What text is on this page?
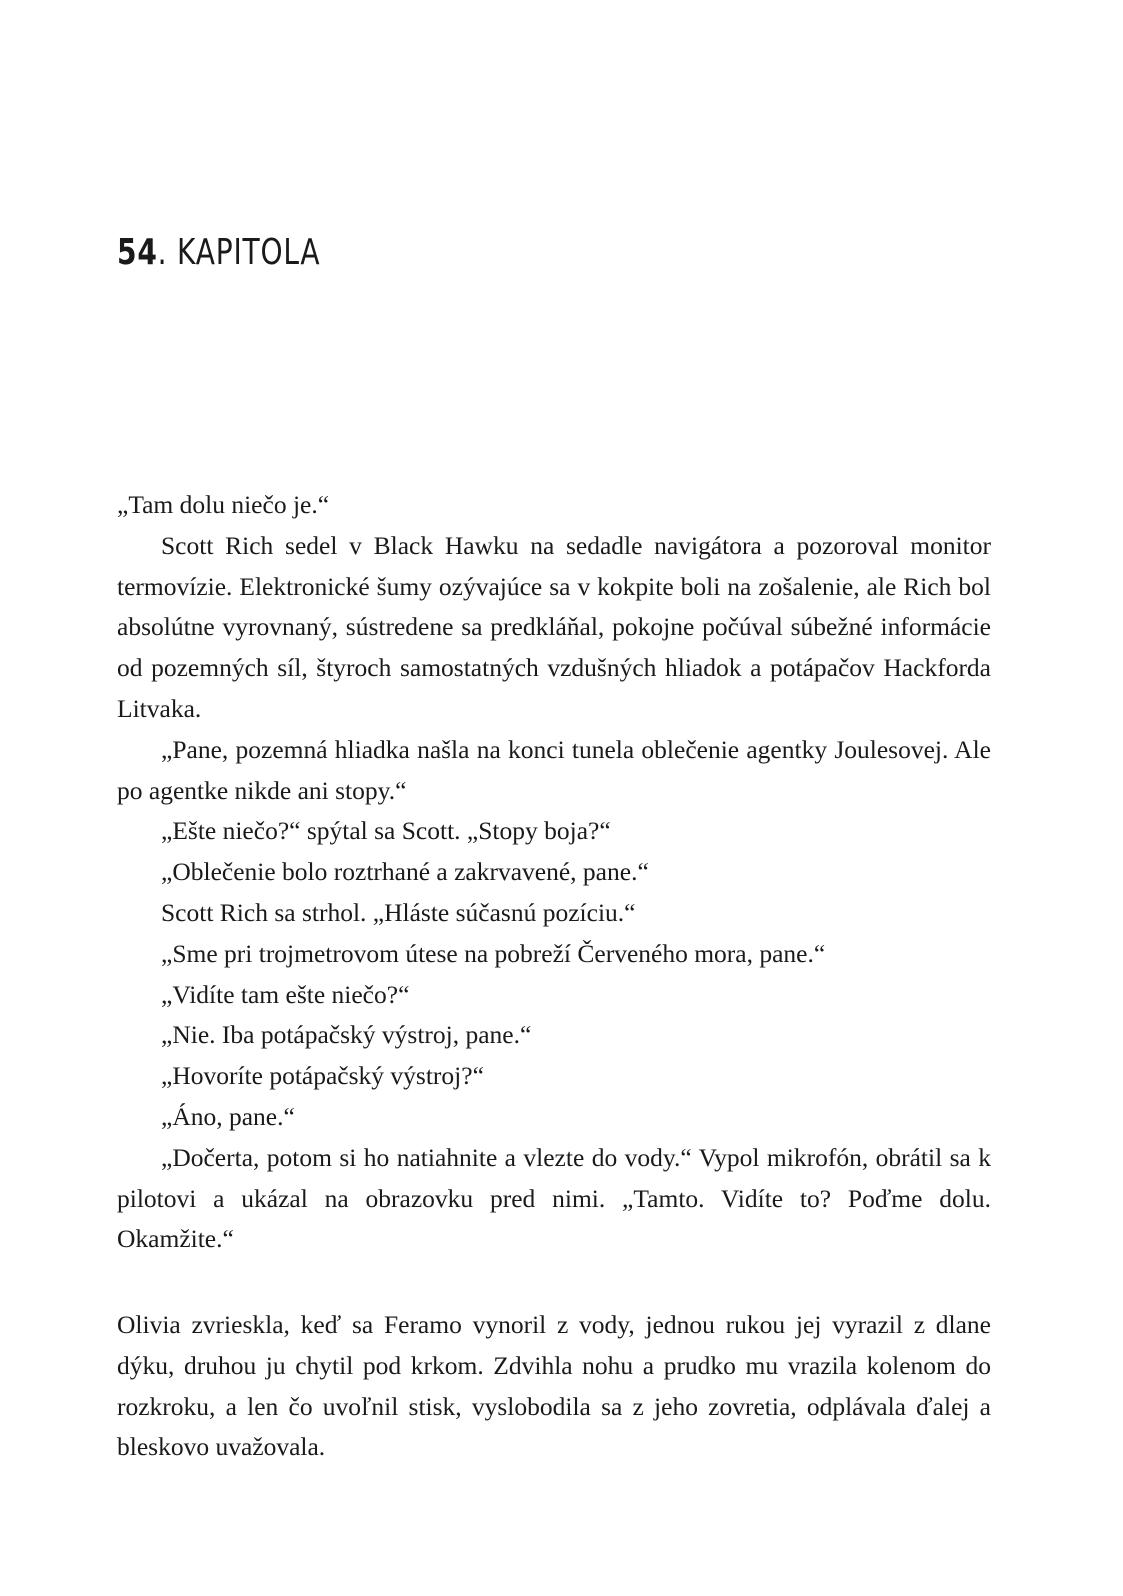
54. KAPITOLA

„Tam dolu niečo je.“

Scott Rich sedel v Black Hawku na sedadle navigátora a pozoroval monitor termovízie. Elektronické šumy ozývajúce sa v kokpite boli na zošalenie, ale Rich bol absolútne vyrovnaný, sústredene sa predkláňal, pokojne počúval súbežné informácie od pozemných síl, štyroch samostatných vzdušných hliadok a potápačov Hackforda Litvaka.

„Pane, pozemná hliadka našla na konci tunela oblečenie agentky Joulesovej. Ale po agentke nikde ani stopy.“

„Ešte niečo?“ spýtal sa Scott. „Stopy boja?“

„Oblečenie bolo roztrhané a zakrvavené, pane.“

Scott Rich sa strhol. „Hláste súčasnú pozíciu.“

„Sme pri trojmetrovom útese na pobreží Červeného mora, pane.“

„Vidíte tam ešte niečo?“

„Nie. Iba potápačský výstroj, pane.“

„Hovoríte potápačský výstroj?“

„Áno, pane.“

„Dočerta, potom si ho natiahnite a vlezte do vody.“ Vypol mikrofón, obrátil sa k pilotovi a ukázal na obrazovku pred nimi. „Tamto. Vidíte to? Poďme dolu. Okamžite.“

Olivia zvrieskla, keď sa Feramo vynoril z vody, jednou rukou jej vyrazil z dlane dýku, druhou ju chytil pod krkom. Zdvihla nohu a prudko mu vrazila kolenom do rozkroku, a len čo uvoľnil stisk, vyslobodila sa z jeho zovretia, odplávala ďalej a bleskovo uvažovala.
